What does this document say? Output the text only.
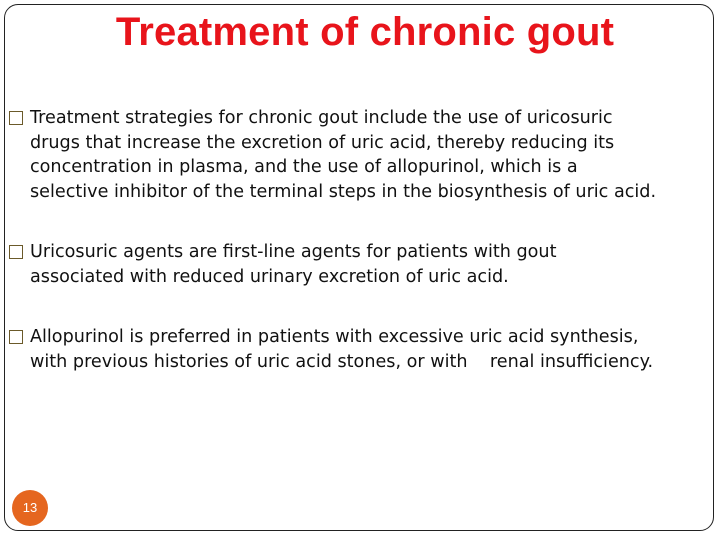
Treatment of chronic gout
Treatment strategies for chronic gout include the use of uricosuric
drugs that increase the excretion of uric acid, thereby reducing its
concentration in plasma, and the use of allopurinol, which is a
selective inhibitor of the terminal steps in the biosynthesis of uric acid.
Uricosuric agents are first-line agents for patients with gout
associated with reduced urinary excretion of uric acid.
Allopurinol is preferred in patients with excessive uric acid synthesis,
with previous histories of uric acid stones, or with    renal insufficiency.
13
